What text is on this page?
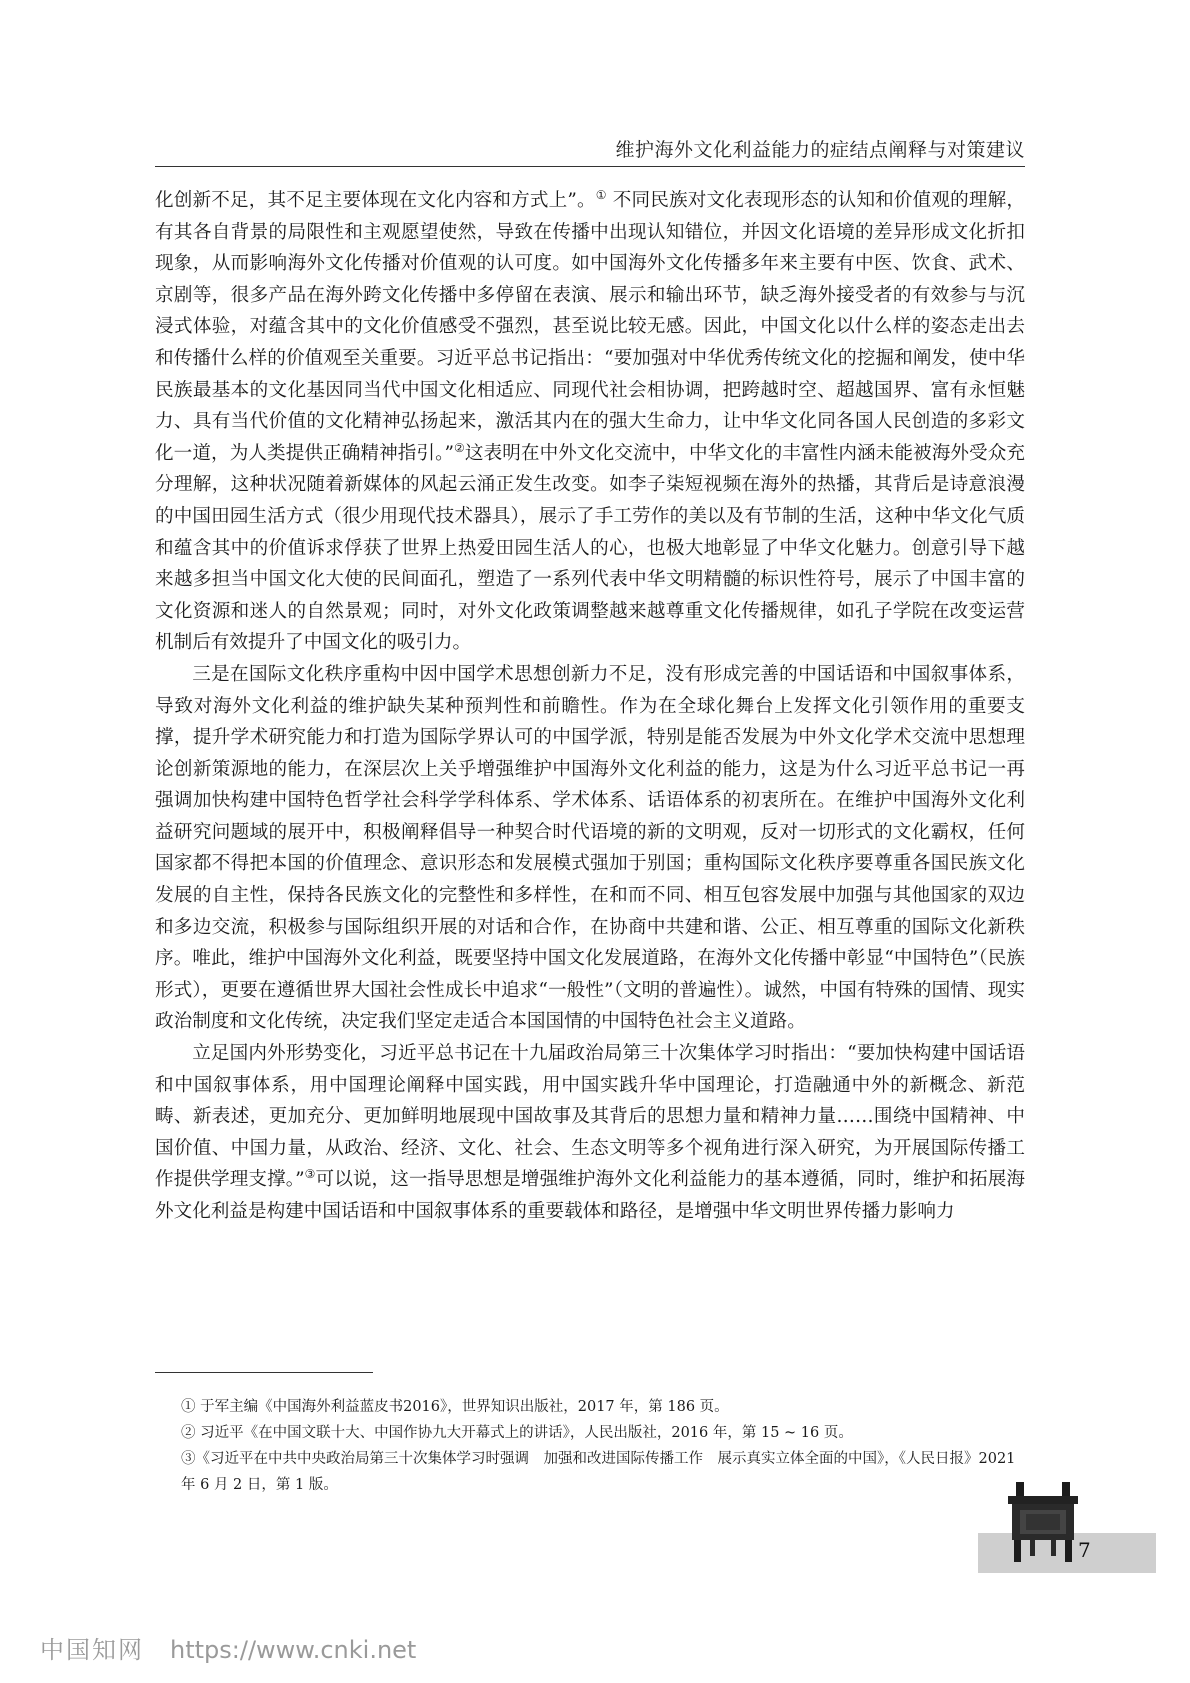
维护海外文化利益能力的症结点阐释与对策建议

化创新不足，其不足主要体现在文化内容和方式上”。① 不同民族对文化表现形态的认知和价值观的理解，有其各自背景的局限性和主观愿望使然，导致在传播中出现认知错位，并因文化语境的差异形成文化折扣现象，从而影响海外文化传播对价值观的认可度。如中国海外文化传播多年来主要有中医、饮食、武术、京剧等，很多产品在海外跨文化传播中多停留在表演、展示和输出环节，缺乏海外接受者的有效参与与沉浸式体验，对蕴含其中的文化价值感受不强烈，甚至说比较无感。因此，中国文化以什么样的姿态走出去和传播什么样的价值观至关重要。习近平总书记指出：“要加强对中华优秀传统文化的挖掘和阐发，使中华民族最基本的文化基因同当代中国文化相适应、同现代社会相协调，把跨越时空、超越国界、富有永恒魅力、具有当代价值的文化精神弘扬起来，激活其内在的强大生命力，让中华文化同各国人民创造的多彩文化一道，为人类提供正确精神指引。”②这表明在中外文化交流中，中华文化的丰富性内涵未能被海外受众充分理解，这种状况随着新媒体的风起云涌正发生改变。如李子柒短视频在海外的热播，其背后是诗意浪漫的中国田园生活方式（很少用现代技术器具），展示了手工劳作的美以及有节制的生活，这种中华文化气质和蕴含其中的价值诉求俘获了世界上热爱田园生活人的心，也极大地彰显了中华文化魅力。创意引导下越来越多担当中国文化大使的民间面孔，塑造了一系列代表中华文明精髓的标识性符号，展示了中国丰富的文化资源和迷人的自然景观；同时，对外文化政策调整越来越尊重文化传播规律，如孔子学院在改变运营机制后有效提升了中国文化的吸引力。

三是在国际文化秩序重构中因中国学术思想创新力不足，没有形成完善的中国话语和中国叙事体系，导致对海外文化利益的维护缺失某种预判性和前瞻性。作为在全球化舞台上发挥文化引领作用的重要支撑，提升学术研究能力和打造为国际学界认可的中国学派，特别是能否发展为中外文化学术交流中思想理论创新策源地的能力，在深层次上关乎增强维护中国海外文化利益的能力，这是为什么习近平总书记一再强调加快构建中国特色哲学社会科学学科体系、学术体系、话语体系的初衷所在。在维护中国海外文化利益研究问题域的展开中，积极阐释倡导一种契合时代语境的新的文明观，反对一切形式的文化霸权，任何国家都不得把本国的价值理念、意识形态和发展模式强加于别国；重构国际文化秩序要尊重各国民族文化发展的自主性，保持各民族文化的完整性和多样性，在和而不同、相互包容发展中加强与其他国家的双边和多边交流，积极参与国际组织开展的对话和合作，在协商中共建和谐、公正、相互尊重的国际文化新秩序。唯此，维护中国海外文化利益，既要坚持中国文化发展道路，在海外文化传播中彰显“中国特色”（民族形式），更要在遵循世界大国社会性成长中追求“一般性”（文明的普遍性）。诚然，中国有特殊的国情、现实政治制度和文化传统，决定我们坚定走适合本国国情的中国特色社会主义道路。

立足国内外形势变化，习近平总书记在十九届政治局第三十次集体学习时指出：“要加快构建中国话语和中国叙事体系，用中国理论阐释中国实践，用中国实践升华中国理论，打造融通中外的新概念、新范畴、新表述，更加充分、更加鲜明地展现中国故事及其背后的思想力量和精神力量……围绕中国精神、中国价值、中国力量，从政治、经济、文化、社会、生态文明等多个视角进行深入研究，为开展国际传播工作提供学理支撑。”③可以说，这一指导思想是增强维护海外文化利益能力的基本遵循，同时，维护和拓展海外文化利益是构建中国话语和中国叙事体系的重要载体和路径，是增强中华文明世界传播力影响力

① 于军主编《中国海外利益蓝皮书2016》，世界知识出版社，2017 年，第 186 页。

② 习近平《在中国文联十大、中国作协九大开幕式上的讲话》，人民出版社，2016 年，第 15 ~ 16 页。

③《习近平在中共中央政治局第三十次集体学习时强调　加强和改进国际传播工作　展示真实立体全面的中国》，《人民日报》2021 年 6 月 2 日，第 1 版。

7
中国知网 https://www.cnki.net
